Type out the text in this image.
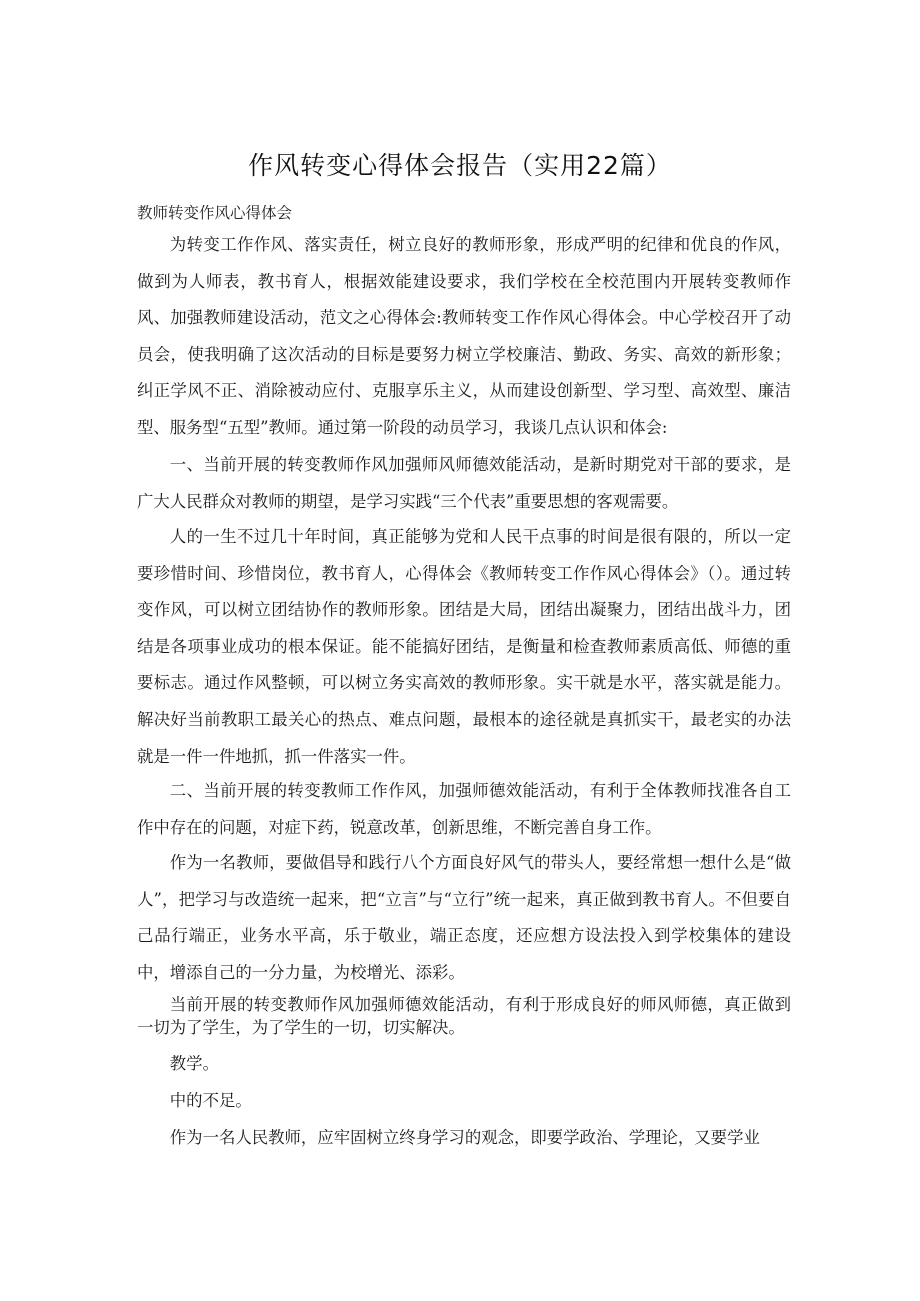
作风转变心得体会报告（实用22篇）
教师转变作风心得体会

为转变工作作风、落实责任，树立良好的教师形象，形成严明的纪律和优良的作风，做到为人师表，教书育人，根据效能建设要求，我们学校在全校范围内开展转变教师作风、加强教师建设活动，范文之心得体会:教师转变工作作风心得体会。中心学校召开了动员会，使我明确了这次活动的目标是要努力树立学校廉洁、勤政、务实、高效的新形象；纠正学风不正、消除被动应付、克服享乐主义，从而建设创新型、学习型、高效型、廉洁型、服务型“五型”教师。通过第一阶段的动员学习，我谈几点认识和体会:

一、当前开展的转变教师作风加强师风师德效能活动，是新时期党对干部的要求，是广大人民群众对教师的期望，是学习实践“三个代表”重要思想的客观需要。

人的一生不过几十年时间，真正能够为党和人民干点事的时间是很有限的，所以一定要珍惜时间、珍惜岗位，教书育人，心得体会《教师转变工作作风心得体会》（）。通过转变作风，可以树立团结协作的教师形象。团结是大局，团结出凝聚力，团结出战斗力，团结是各项事业成功的根本保证。能不能搞好团结，是衡量和检查教师素质高低、师德的重要标志。通过作风整顿，可以树立务实高效的教师形象。实干就是水平，落实就是能力。解决好当前教职工最关心的热点、难点问题，最根本的途径就是真抓实干，最老实的办法就是一件一件地抓，抓一件落实一件。

二、当前开展的转变教师工作作风，加强师德效能活动，有利于全体教师找准各自工作中存在的问题，对症下药，锐意改革，创新思维，不断完善自身工作。

作为一名教师，要做倡导和践行八个方面良好风气的带头人，要经常想一想什么是“做人”，把学习与改造统一起来，把“立言”与“立行”统一起来，真正做到教书育人。不但要自己品行端正，业务水平高，乐于敬业，端正态度，还应想方设法投入到学校集体的建设中，增添自己的一分力量，为校增光、添彩。

当前开展的转变教师作风加强师德效能活动，有利于形成良好的师风师德，真正做到一切为了学生，为了学生的一切，切实解决。

教学。

中的不足。

作为一名人民教师，应牢固树立终身学习的观念，即要学政治、学理论，又要学业
